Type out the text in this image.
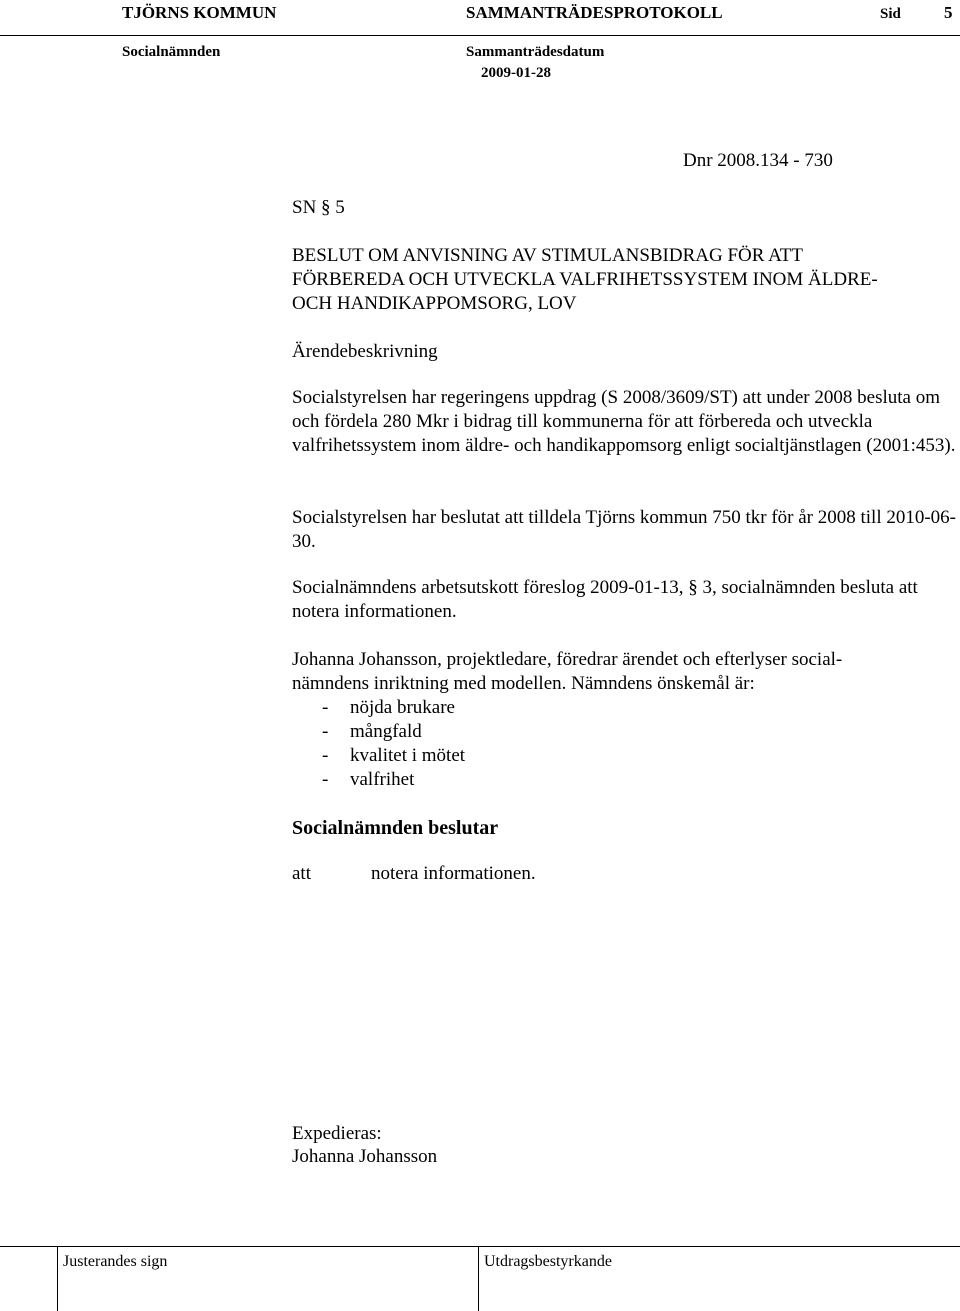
TJÖRNS KOMMUN	SAMMANTRÄDESPROTOKOLL	Sid	5
Socialnämnden	Sammanträdesdatum
2009-01-28
Dnr 2008.134 - 730
SN § 5
BESLUT OM ANVISNING AV STIMULANSBIDRAG FÖR ATT
FÖRBEREDA OCH UTVECKLA VALFRIHETSSYSTEM INOM ÄLDRE-
OCH HANDIKAPPOMSORG, LOV
Ärendebeskrivning
Socialstyrelsen har regeringens uppdrag (S 2008/3609/ST) att under 2008 besluta om och fördela 280 Mkr i bidrag till kommunerna för att förbereda och utveckla valfrihetssystem inom äldre- och handikappomsorg enligt socialtjänstlagen (2001:453).
Socialstyrelsen har beslutat att tilldela Tjörns kommun 750 tkr för år 2008 till 2010-06-30.
Socialnämndens arbetsutskott föreslog 2009-01-13, § 3, socialnämnden besluta att notera informationen.
Johanna Johansson, projektledare, föredrar ärendet och efterlyser social-nämndens inriktning med modellen. Nämndens önskemål är:
- nöjda brukare
- mångfald
- kvalitet i mötet
- valfrihet
Socialnämnden beslutar
att	notera informationen.
Expedieras:
Johanna Johansson
Justerandes sign	Utdragsbestyrkande
